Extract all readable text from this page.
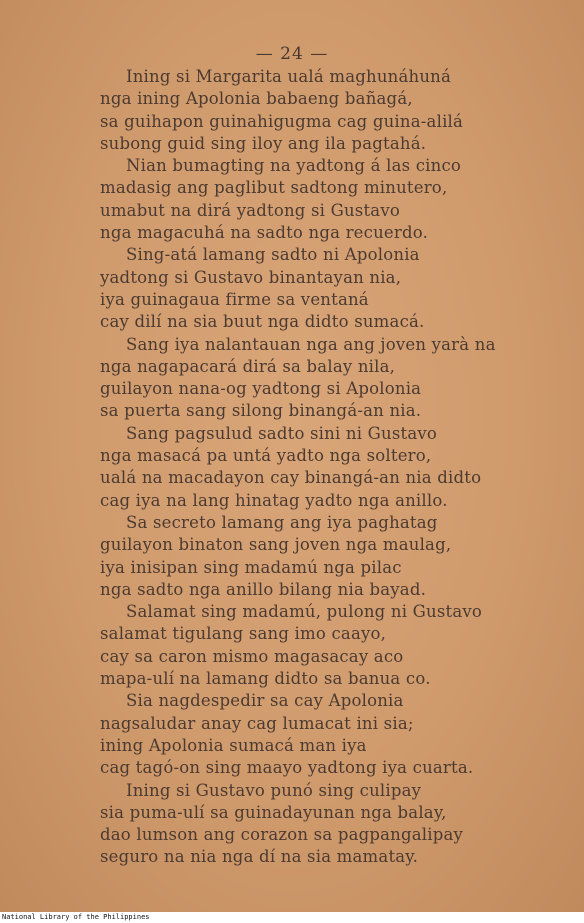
— 24 —
Ining si Margarita ualá maghunáhuná
nga ining Apolonia babaeng bañagá,
sa guihapon guinahigugma cag guina-alilá
subong guid sing iloy ang ila pagtahá.
Nian bumagting na yadtong á las cinco
madasig ang paglibut sadtong minutero,
umabut na dirá yadtong si Gustavo
nga magacuhá na sadto nga recuerdo.
Sing-atá lamang sadto ni Apolonia
yadtong si Gustavo binantayan nia,
iya guinagaua firme sa ventaná
cay dilí na sia buut nga didto sumacá.
Sang iya nalantauan nga ang joven yarà na
nga nagapacará dirá sa balay nila,
guilayon nana-og yadtong si Apolonia
sa puerta sang silong binangá-an nia.
Sang pagsulud sadto sini ni Gustavo
nga masacá pa untá yadto nga soltero,
ualá na macadayon cay binangá-an nia didto
cag iya na lang hinatag yadto nga anillo.
Sa secreto lamang ang iya paghatag
guilayon binaton sang joven nga maulag,
iya inisipan sing madamú nga pilac
nga sadto nga anillo bilang nia bayad.
Salamat sing madamú, pulong ni Gustavo
salamat tigulang sang imo caayo,
cay sa caron mismo magasacay aco
mapa-ulí na lamang didto sa banua co.
Sia nagdespedir sa cay Apolonia
nagsaludar anay cag lumacat ini sia;
ining Apolonia sumacá man iya
cag tagó-on sing maayo yadtong iya cuarta.
Ining si Gustavo punó sing culipay
sia puma-ulí sa guinadayunan nga balay,
dao lumson ang corazon sa pagpangalipay
seguro na nia nga dí na sia mamatay.
National Library of the Philippines
